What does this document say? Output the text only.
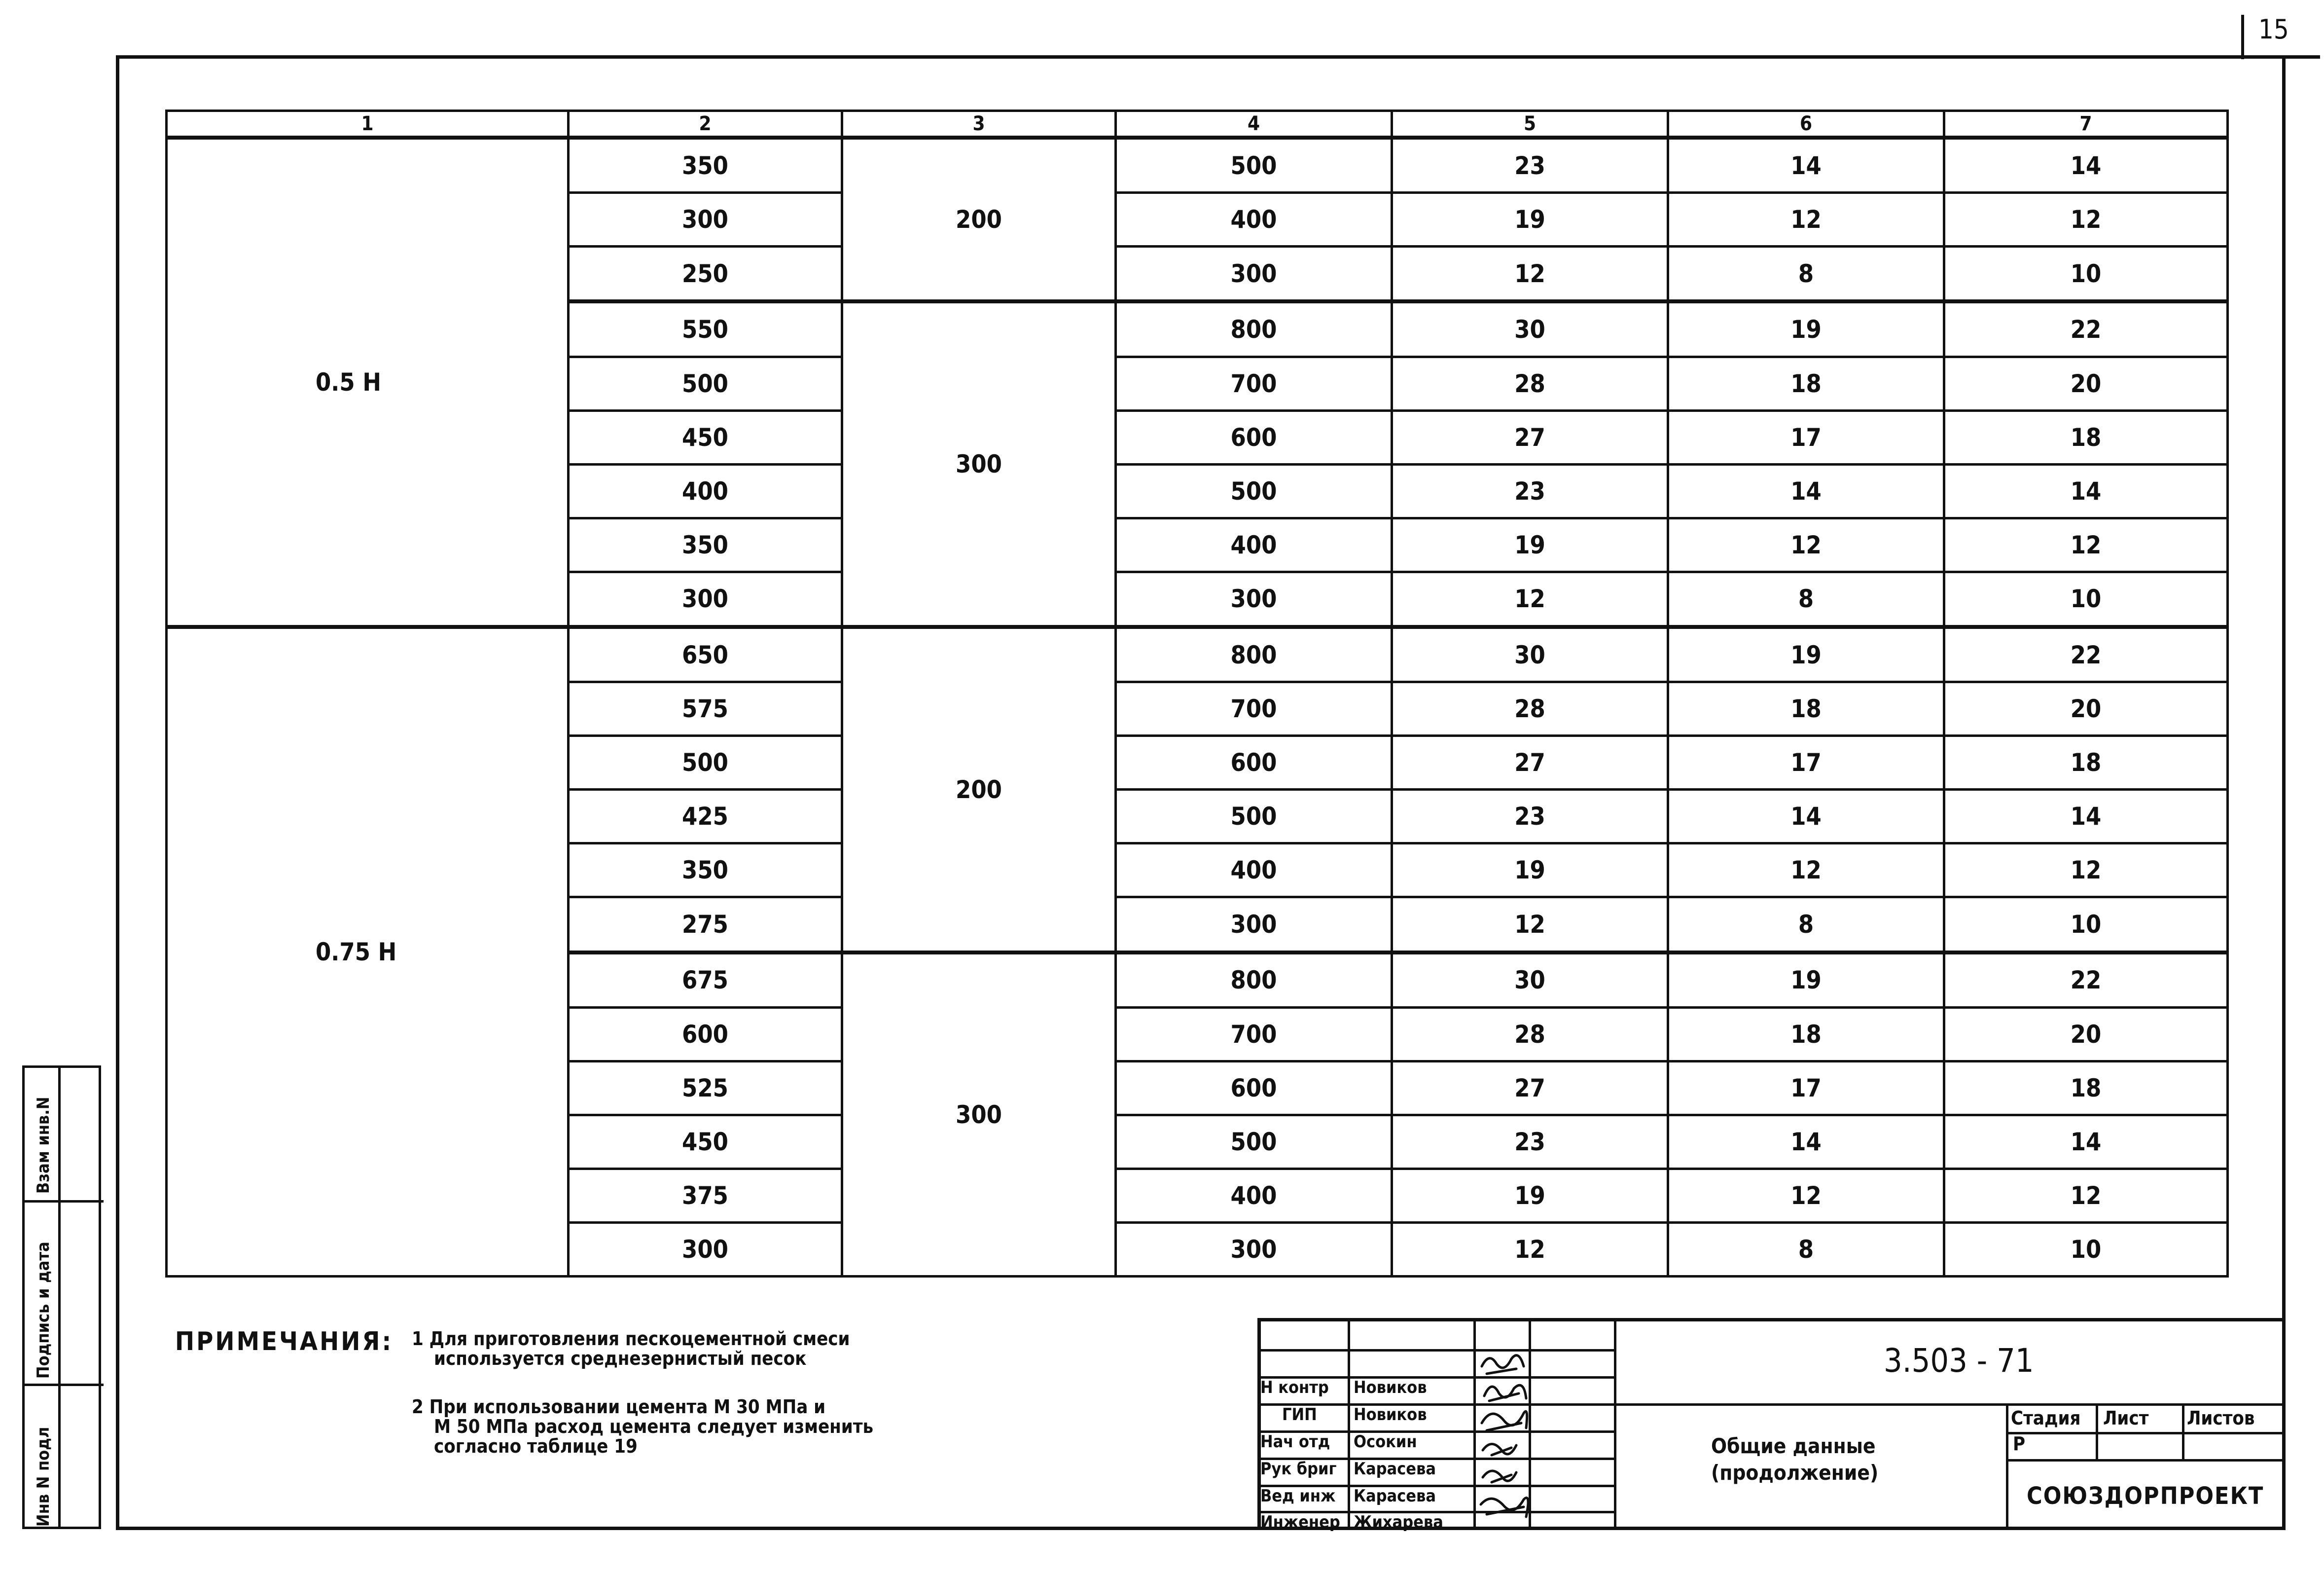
15
1	2	3	4	5	6	7
0.5 H	350	200	500	23	14	14
	300		400	19	12	12
	250		300	12	8	10
	550	300	800	30	19	22
	500		700	28	18	20
	450		600	27	17	18
	400		500	23	14	14
	350		400	19	12	12
	300		300	12	8	10
0.75 H	650	200	800	30	19	22
	575		700	28	18	20
	500		600	27	17	18
	425		500	23	14	14
	350		400	19	12	12
	275		300	12	8	10
	675	300	800	30	19	22
	600		700	28	18	20
	525		600	27	17	18
	450		500	23	14	14
	375		400	19	12	12
	300		300	12	8	10
ПРИМЕЧАНИЯ: 1 Для приготовления пескоцементной смеси
используется среднезернистый песок
2 При использовании цемента М 30 МПа и
М 50 МПа расход цемента следует изменить
согласно таблице 19
Н контр Новиков
ГИП Новиков
Нач отд Осокин
Рук бриг Карасева
Вед инж Карасева
Инженер Жихарева
3.503 - 71
Общие данные
(продолжение)
Стадия Лист Листов
Р
СОЮЗДОРПРОЕКТ
Инв N подл
Подпись и дата
Взам инв.N
